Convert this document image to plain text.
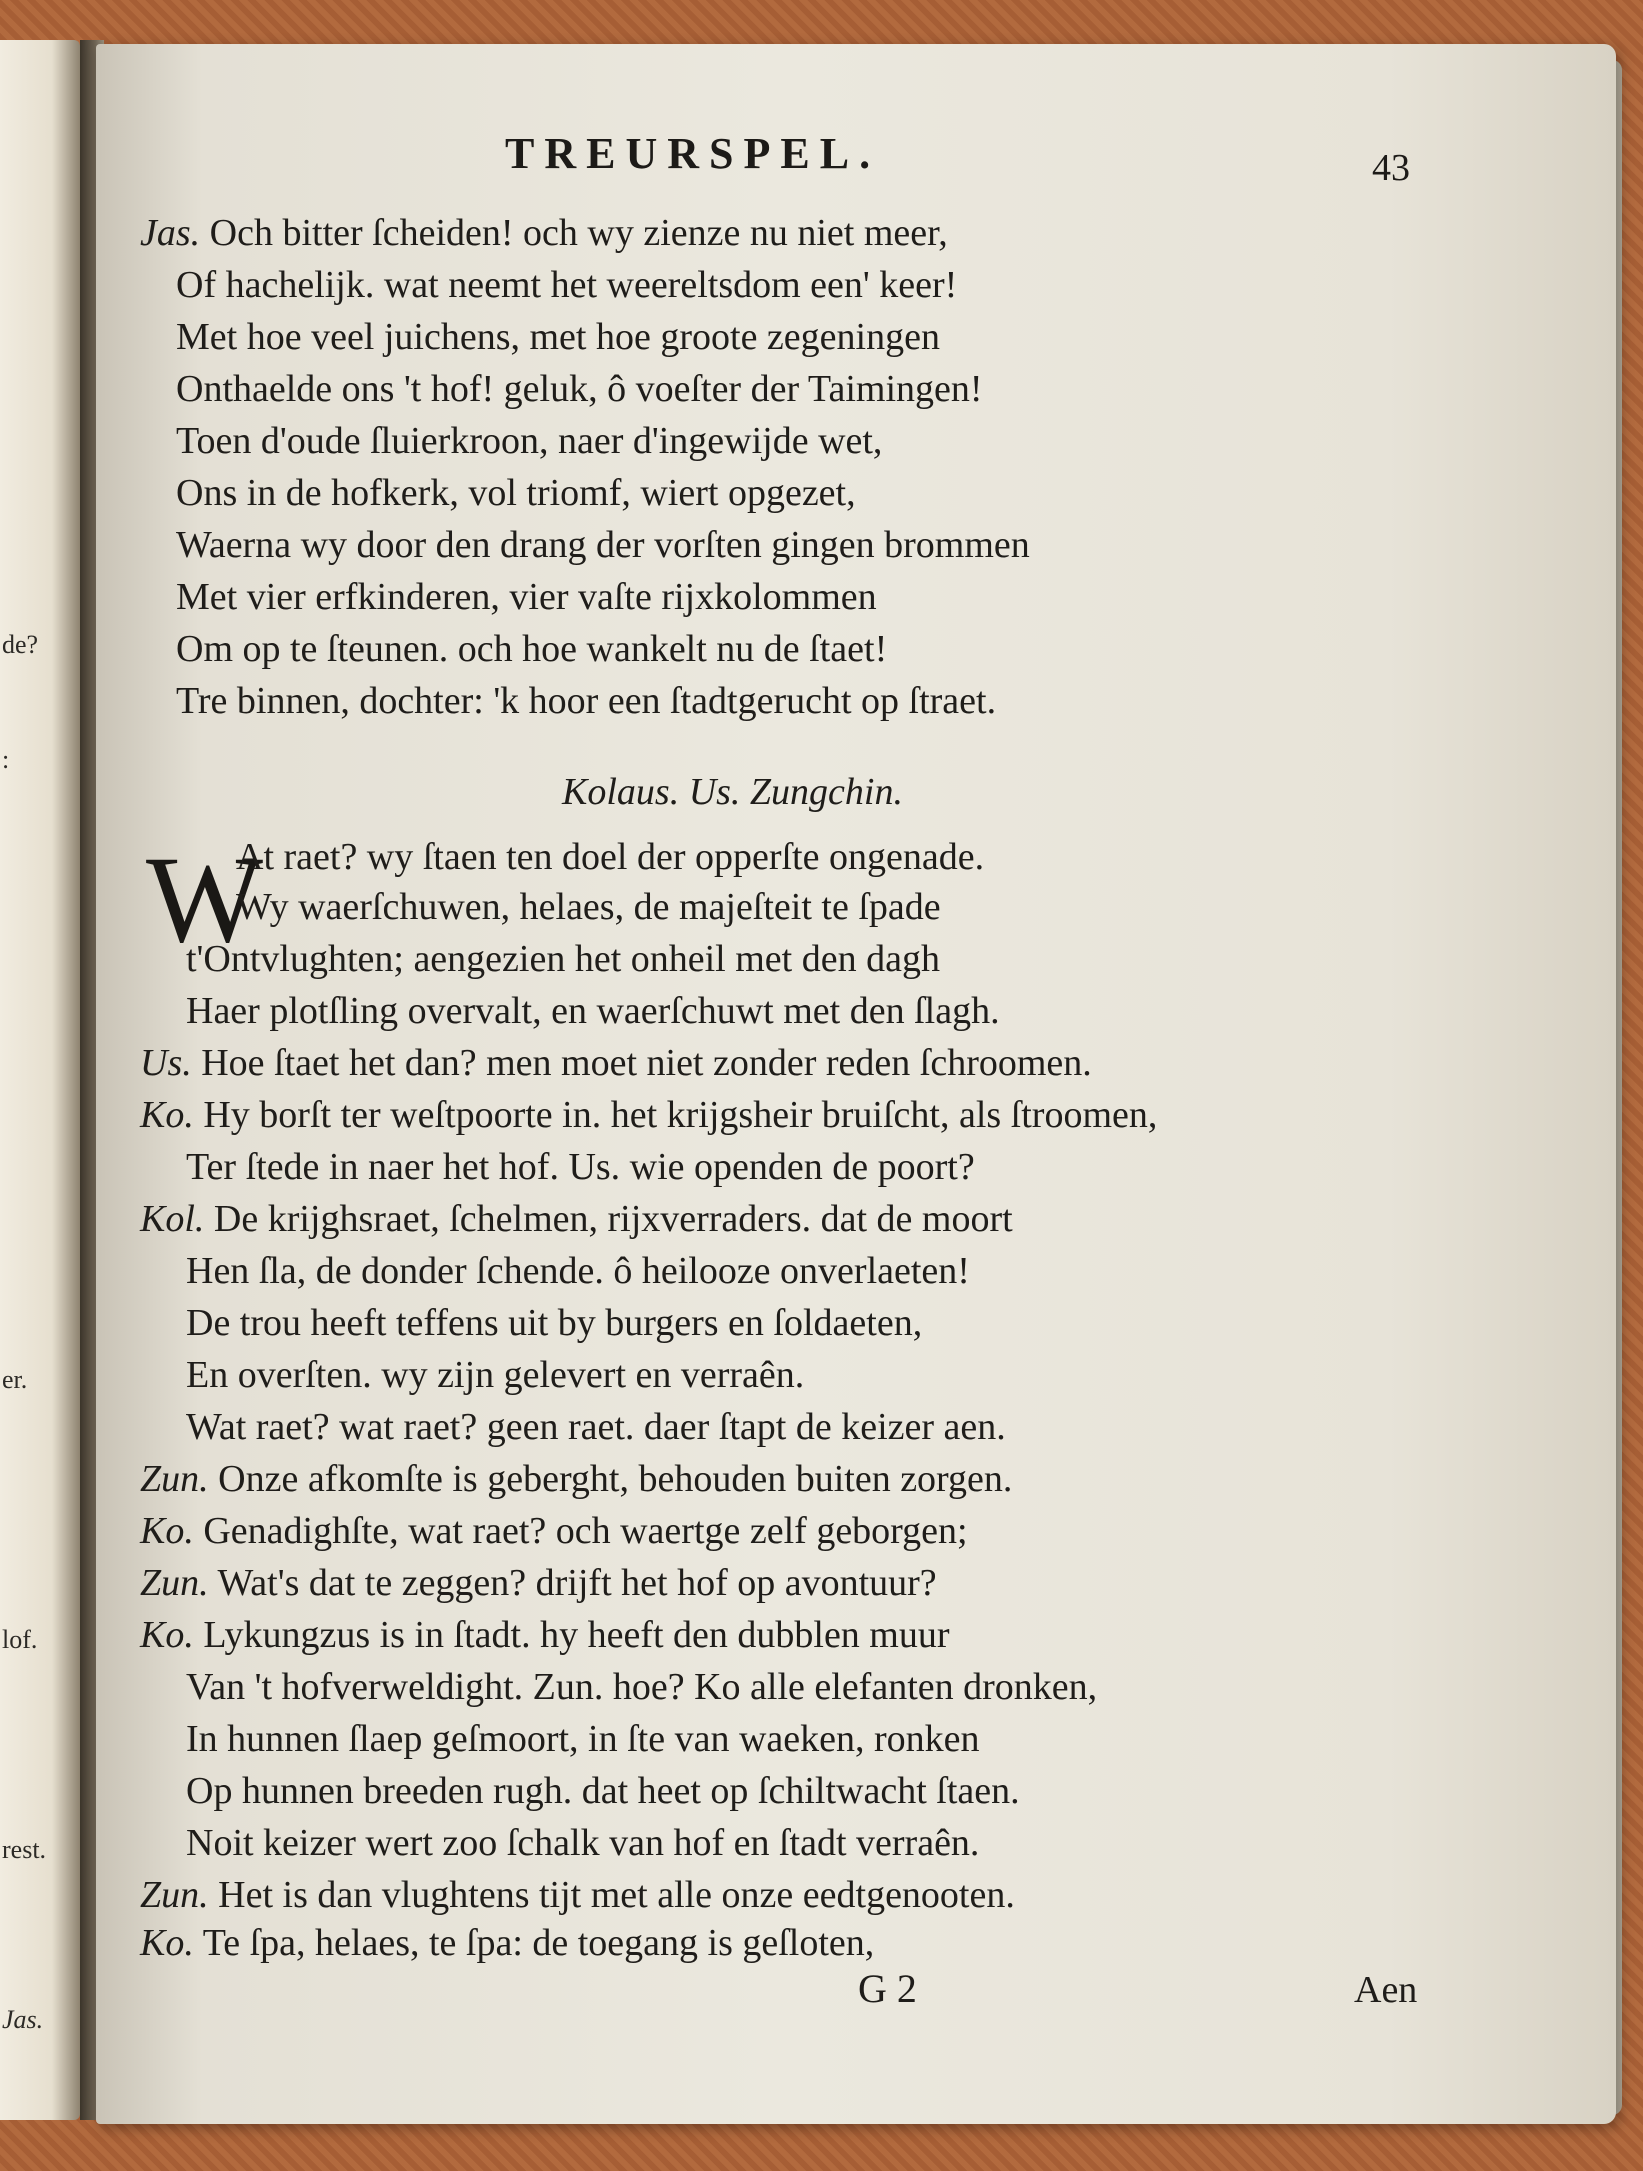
de?
:
er.
lof.
rest.
Jas.
TREURSPEL.	43
Jas. Och bitter ſcheiden! och wy zienze nu niet meer,
Of hachelijk. wat neemt het weereltsdom een' keer!
Met hoe veel juichens, met hoe groote zegeningen
Onthaelde ons 't hof! geluk, ô voeſter der Taimingen!
Toen d'oude ſluierkroon, naer d'ingewijde wet,
Ons in de hofkerk, vol triomf, wiert opgezet,
Waerna wy door den drang der vorſten gingen brommen
Met vier erfkinderen, vier vaſte rijxkolommen
Om op te ſteunen. och hoe wankelt nu de ſtaet!
Tre binnen, dochter: 'k hoor een ſtadtgerucht op ſtraet.
Kolaus. Us. Zungchin.
W
At raet? wy ſtaen ten doel der opperſte ongenade.
Wy waerſchuwen, helaes, de majeſteit te ſpade
t'Ontvlughten; aengezien het onheil met den dagh
Haer plotſling overvalt, en waerſchuwt met den ſlagh.
Us. Hoe ſtaet het dan? men moet niet zonder reden ſchroomen.
Ko. Hy borſt ter weſtpoorte in. het krijgsheir bruiſcht, als ſtroomen,
Ter ſtede in naer het hof. Us. wie openden de poort?
Kol. De krijghsraet, ſchelmen, rijxverraders. dat de moort
Hen ſla, de donder ſchende. ô heilooze onverlaeten!
De trou heeft teffens uit by burgers en ſoldaeten,
En overſten. wy zijn gelevert en verraên.
Wat raet? wat raet? geen raet. daer ſtapt de keizer aen.
Zun. Onze afkomſte is geberght, behouden buiten zorgen.
Ko. Genadighſte, wat raet? och waertge zelf geborgen;
Zun. Wat's dat te zeggen? drijft het hof op avontuur?
Ko. Lykungzus is in ſtadt. hy heeft den dubblen muur
Van 't hofverweldight. Zun. hoe? Ko alle elefanten dronken,
In hunnen ſlaep geſmoort, in ſte van waeken, ronken
Op hunnen breeden rugh. dat heet op ſchiltwacht ſtaen.
Noit keizer wert zoo ſchalk van hof en ſtadt verraên.
Zun. Het is dan vlughtens tijt met alle onze eedtgenooten.
Ko. Te ſpa, helaes, te ſpa: de toegang is geſloten,
G 2	Aen
